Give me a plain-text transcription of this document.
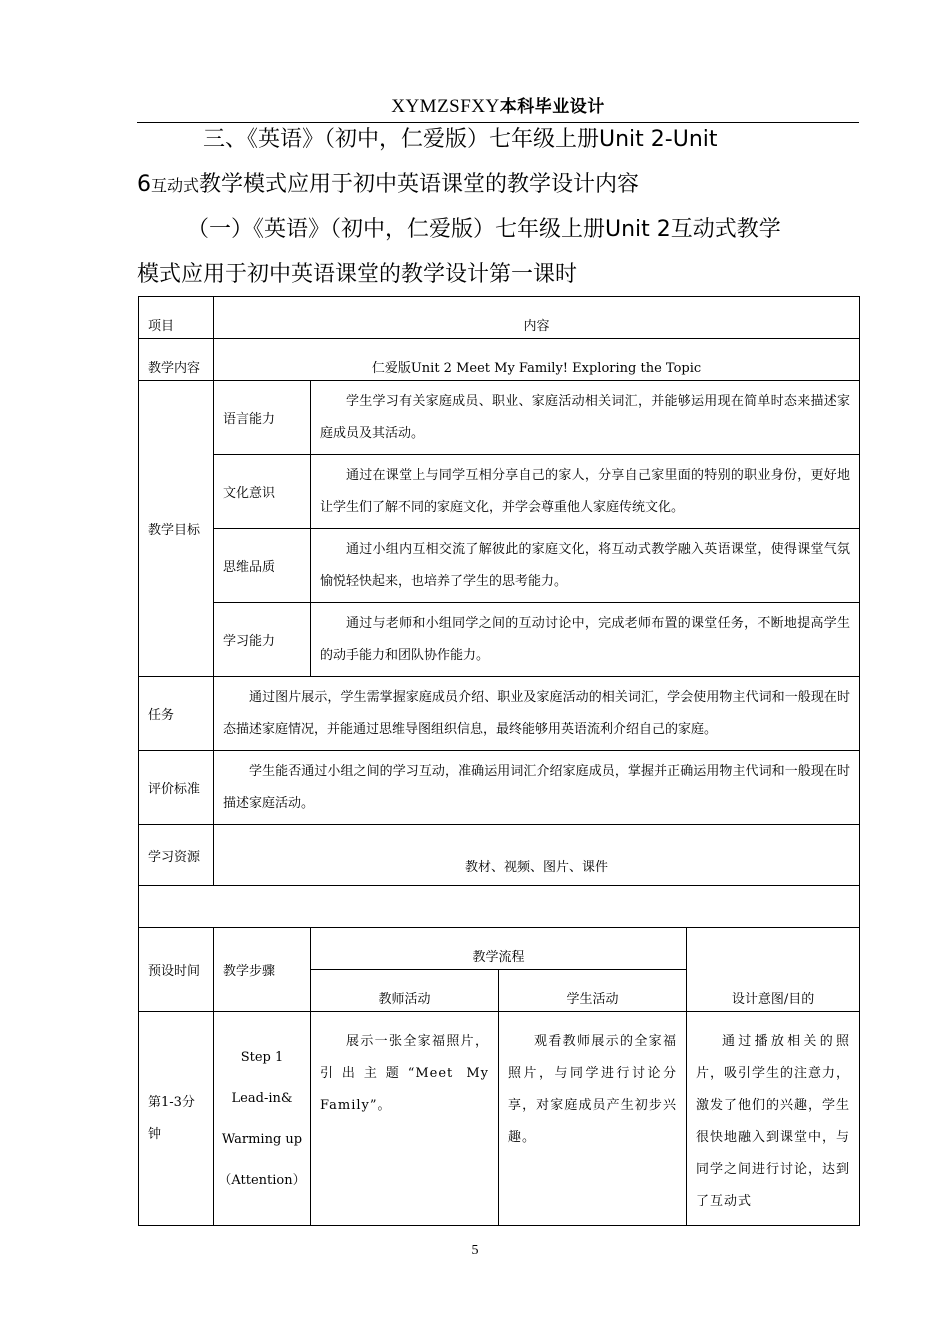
XYMZSFXY本科毕业设计
三、《英语》（初中，仁爱版）七年级上册Unit 2-Unit
6互动式教学模式应用于初中英语课堂的教学设计内容
（一）《英语》（初中，仁爱版）七年级上册Unit 2互动式教学
模式应用于初中英语课堂的教学设计第一课时
项目	内容			
教学内容	仁爱版Unit 2 Meet My Family! Exploring the Topic			
教学目标	语言能力	学生学习有关家庭成员、职业、家庭活动相关词汇，并能够运用现在简单时态来描述家庭成员及其活动。		
	文化意识	通过在课堂上与同学互相分享自己的家人，分享自己家里面的特别的职业身份，更好地让学生们了解不同的家庭文化，并学会尊重他人家庭传统文化。		
	思维品质	通过小组内互相交流了解彼此的家庭文化，将互动式教学融入英语课堂，使得课堂气氛愉悦轻快起来，也培养了学生的思考能力。		
	学习能力	通过与老师和小组同学之间的互动讨论中，完成老师布置的课堂任务，不断地提高学生的动手能力和团队协作能力。		
任务	通过图片展示，学生需掌握家庭成员介绍、职业及家庭活动的相关词汇，学会使用物主代词和一般现在时态描述家庭情况，并能通过思维导图组织信息，最终能够用英语流利介绍自己的家庭。			
评价标准	学生能否通过小组之间的学习互动，准确运用词汇介绍家庭成员，掌握并正确运用物主代词和一般现在时描述家庭活动。			
学习资源	教材、视频、图片、课件			

预设时间	教学步骤	教学流程		设计意图/目的
		教师活动	学生活动	
第1-3分钟	Step 1
Lead-in&
Warming up
（Attention）	展示一张全家福照片，引出主题“Meet My Family”。	观看教师展示的全家福照片，与同学进行讨论分享，对家庭成员产生初步兴趣。	通过播放相关的照片，吸引学生的注意力，激发了他们的兴趣，学生很快地融入到课堂中，与同学之间进行讨论，达到了互动式
5
